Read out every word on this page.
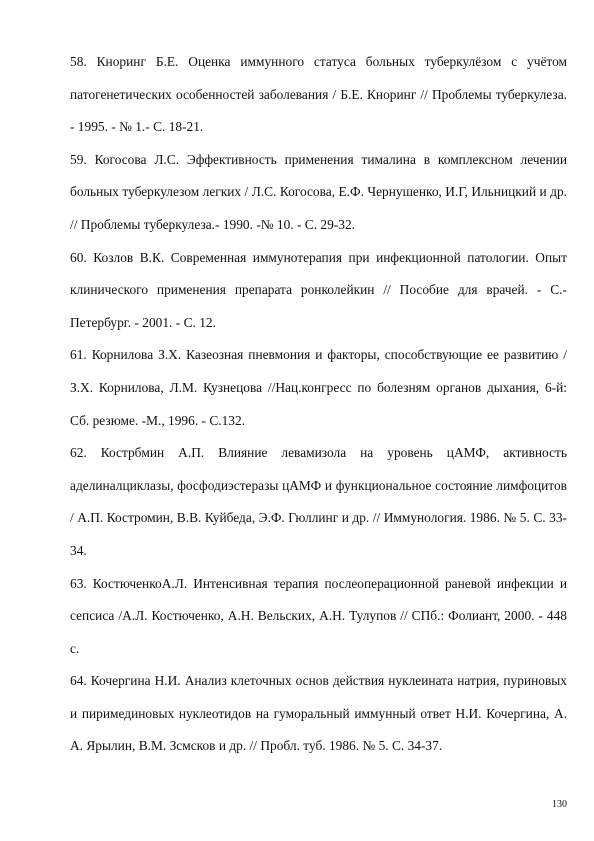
58. Кноринг Б.Е. Оценка иммунного статуса больных туберкулёзом с учётом патогенетических особенностей заболевания / Б.Е. Кноринг // Проблемы туберкулеза. - 1995. - № 1.- С. 18-21.

59. Когосова Л.С. Эффективность применения тималина в комплексном лечении больных туберкулезом легких / Л.С. Когосова, Е.Ф. Чернушенко, И.Г, Ильницкий и др. // Проблемы туберкулеза.- 1990. -№ 10. - С. 29-32.

60. Козлов В.К. Современная иммунотерапия при инфекционной патологии. Опыт клинического применения препарата ронколейкин // Пособие для врачей. - С.-Петербург. - 2001. - С. 12.

61. Корнилова З.Х. Казеозная пневмония и факторы, способствующие ее развитию / З.Х. Корнилова, Л.М. Кузнецова //Нац.конгресс по болезням органов дыхания, 6-й: Сб. резюме. -М., 1996. - С.132.

62. Кострбмин А.П. Влияние левамизола на уровень цАМФ, активность аделиналциклазы, фосфодиэстеразы цАМФ и функциональное состояние лимфоцитов / А.П. Костромин, В.В. Куйбеда, Э.Ф. Гюллинг и др. // Иммунология. 1986. № 5. С. 33-34.

63. КостюченкоА.Л. Интенсивная терапия послеоперационной раневой инфекции и сепсиса /А.Л. Костюченко, А.Н. Вельских, А.Н. Тулупов // СПб.: Фолиант, 2000. - 448 с.

64. Кочергина Н.И. Анализ клеточных основ действия нуклеината натрия, пуриновых и пиримединовых нуклеотидов на гуморальный иммунный ответ Н.И. Кочергина, А. А. Ярылин, В.М. Зсмсков и др. // Пробл. туб. 1986. № 5. С. 34-37.

130
